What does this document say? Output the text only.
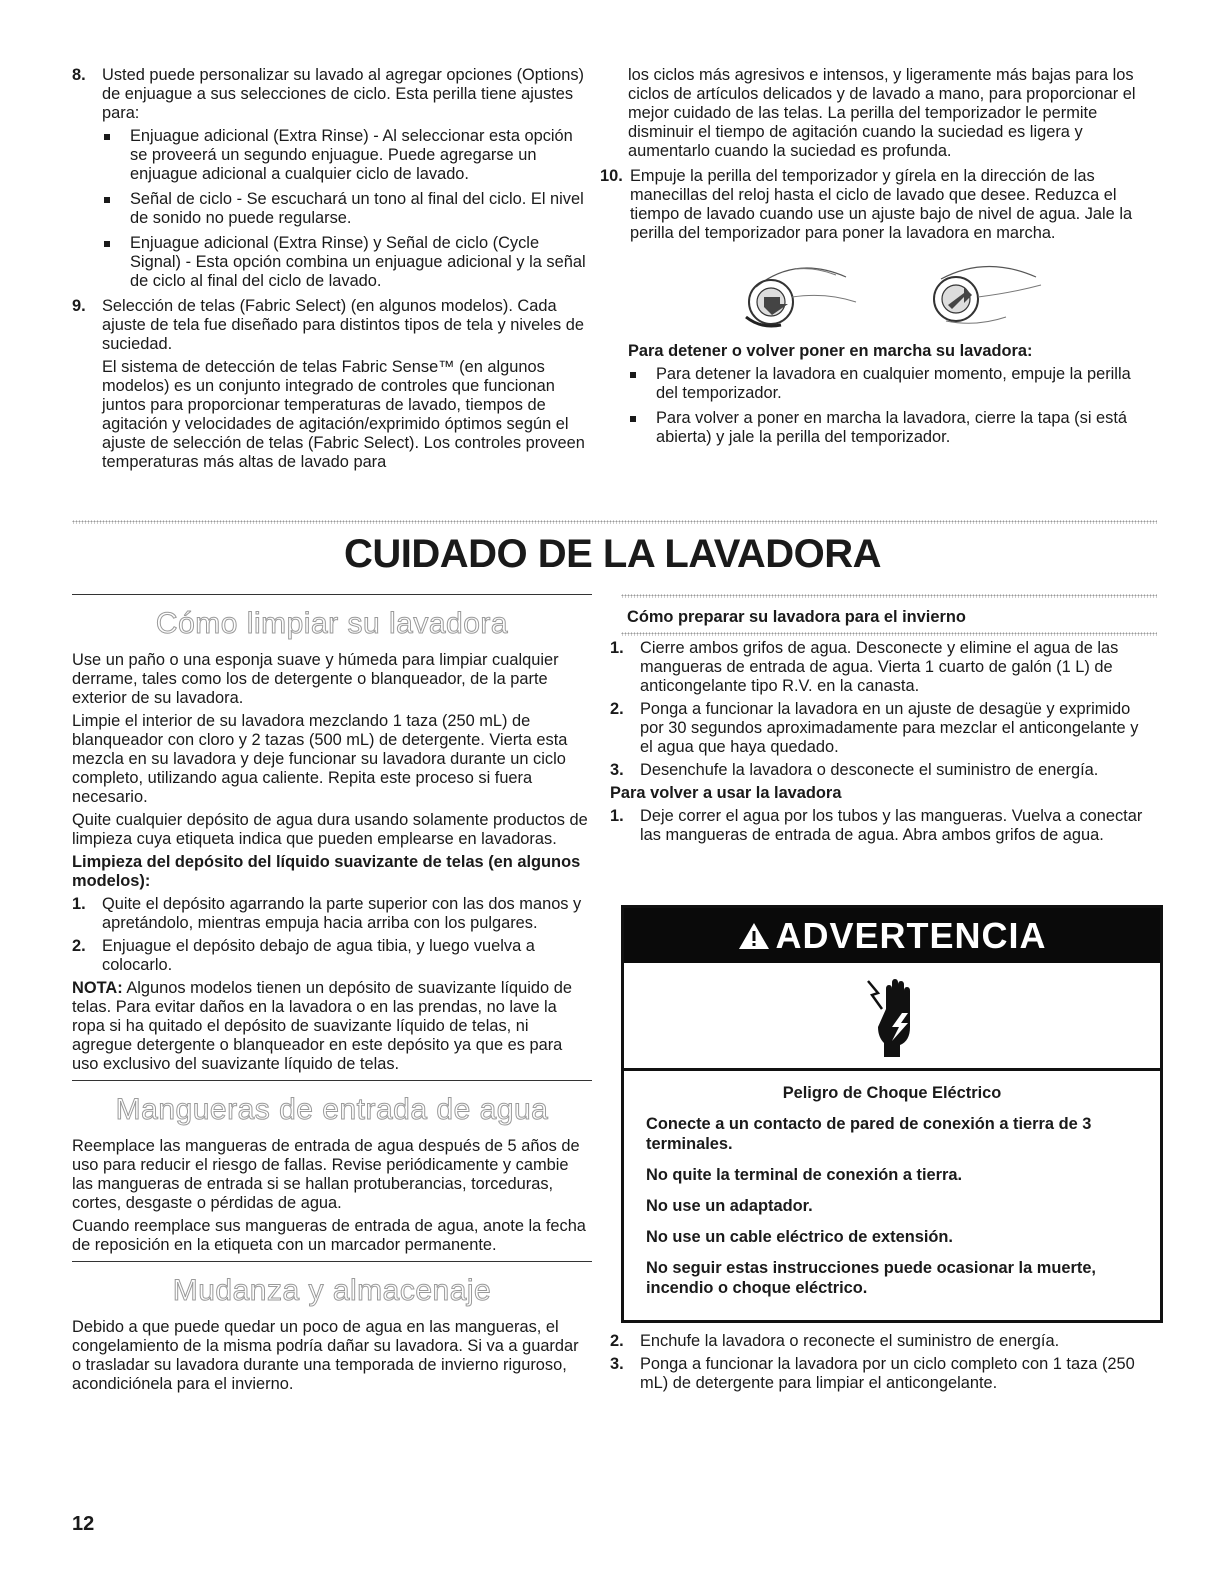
8. Usted puede personalizar su lavado al agregar opciones (Options) de enjuague a sus selecciones de ciclo. Esta perilla tiene ajustes para:

Enjuague adicional (Extra Rinse) - Al seleccionar esta opción se proveerá un segundo enjuague. Puede agregarse un enjuague adicional a cualquier ciclo de lavado.
Señal de ciclo - Se escuchará un tono al final del ciclo. El nivel de sonido no puede regularse.
Enjuague adicional (Extra Rinse) y Señal de ciclo (Cycle Signal) - Esta opción combina un enjuague adicional y la señal de ciclo al final del ciclo de lavado.
9. Selección de telas (Fabric Select) (en algunos modelos). Cada ajuste de tela fue diseñado para distintos tipos de tela y niveles de suciedad.

El sistema de detección de telas Fabric Sense™ (en algunos modelos) es un conjunto integrado de controles que funcionan juntos para proporcionar temperaturas de lavado, tiempos de agitación y velocidades de agitación/exprimido óptimos según el ajuste de selección de telas (Fabric Select). Los controles proveen temperaturas más altas de lavado para

los ciclos más agresivos e intensos, y ligeramente más bajas para los ciclos de artículos delicados y de lavado a mano, para proporcionar el mejor cuidado de las telas. La perilla del temporizador le permite disminuir el tiempo de agitación cuando la suciedad es ligera y aumentarlo cuando la suciedad es profunda.

10. Empuje la perilla del temporizador y gírela en la dirección de las manecillas del reloj hasta el ciclo de lavado que desee. Reduzca el tiempo de lavado cuando use un ajuste bajo de nivel de agua. Jale la perilla del temporizador para poner la lavadora en marcha.

Para detener o volver poner en marcha su lavadora:

Para detener la lavadora en cualquier momento, empuje la perilla del temporizador.
Para volver a poner en marcha la lavadora, cierre la tapa (si está abierta) y jale la perilla del temporizador.
CUIDADO DE LA LAVADORA
Cómo limpiar su lavadora

Use un paño o una esponja suave y húmeda para limpiar cualquier derrame, tales como los de detergente o blanqueador, de la parte exterior de su lavadora.

Limpie el interior de su lavadora mezclando 1 taza (250 mL) de blanqueador con cloro y 2 tazas (500 mL) de detergente. Vierta esta mezcla en su lavadora y deje funcionar su lavadora durante un ciclo completo, utilizando agua caliente. Repita este proceso si fuera necesario.

Quite cualquier depósito de agua dura usando solamente productos de limpieza cuya etiqueta indica que pueden emplearse en lavadoras.

Limpieza del depósito del líquido suavizante de telas (en algunos modelos):

1. Quite el depósito agarrando la parte superior con las dos manos y apretándolo, mientras empuja hacia arriba con los pulgares.
2. Enjuague el depósito debajo de agua tibia, y luego vuelva a colocarlo.

NOTA: Algunos modelos tienen un depósito de suavizante líquido de telas. Para evitar daños en la lavadora o en las prendas, no lave la ropa si ha quitado el depósito de suavizante líquido de telas, ni agregue detergente o blanqueador en este depósito ya que es para uso exclusivo del suavizante líquido de telas.

Mangueras de entrada de agua

Reemplace las mangueras de entrada de agua después de 5 años de uso para reducir el riesgo de fallas. Revise periódicamente y cambie las mangueras de entrada si se hallan protuberancias, torceduras, cortes, desgaste o pérdidas de agua.

Cuando reemplace sus mangueras de entrada de agua, anote la fecha de reposición en la etiqueta con un marcador permanente.

Mudanza y almacenaje

Debido a que puede quedar un poco de agua en las mangueras, el congelamiento de la misma podría dañar su lavadora. Si va a guardar o trasladar su lavadora durante una temporada de invierno riguroso, acondiciónela para el invierno.

Cómo preparar su lavadora para el invierno

1. Cierre ambos grifos de agua. Desconecte y elimine el agua de las mangueras de entrada de agua. Vierta 1 cuarto de galón (1 L) de anticongelante tipo R.V. en la canasta.
2. Ponga a funcionar la lavadora en un ajuste de desagüe y exprimido por 30 segundos aproximadamente para mezclar el anticongelante y el agua que haya quedado.
3. Desenchufe la lavadora o desconecte el suministro de energía.

Para volver a usar la lavadora

1. Deje correr el agua por los tubos y las mangueras. Vuelva a conectar las mangueras de entrada de agua. Abra ambos grifos de agua.
ADVERTENCIA

Peligro de Choque Eléctrico

Conecte a un contacto de pared de conexión a tierra de 3 terminales.

No quite la terminal de conexión a tierra.

No use un adaptador.

No use un cable eléctrico de extensión.

No seguir estas instrucciones puede ocasionar la muerte, incendio o choque eléctrico.

2. Enchufe la lavadora o reconecte el suministro de energía.
3. Ponga a funcionar la lavadora por un ciclo completo con 1 taza (250 mL) de detergente para limpiar el anticongelante.
12
